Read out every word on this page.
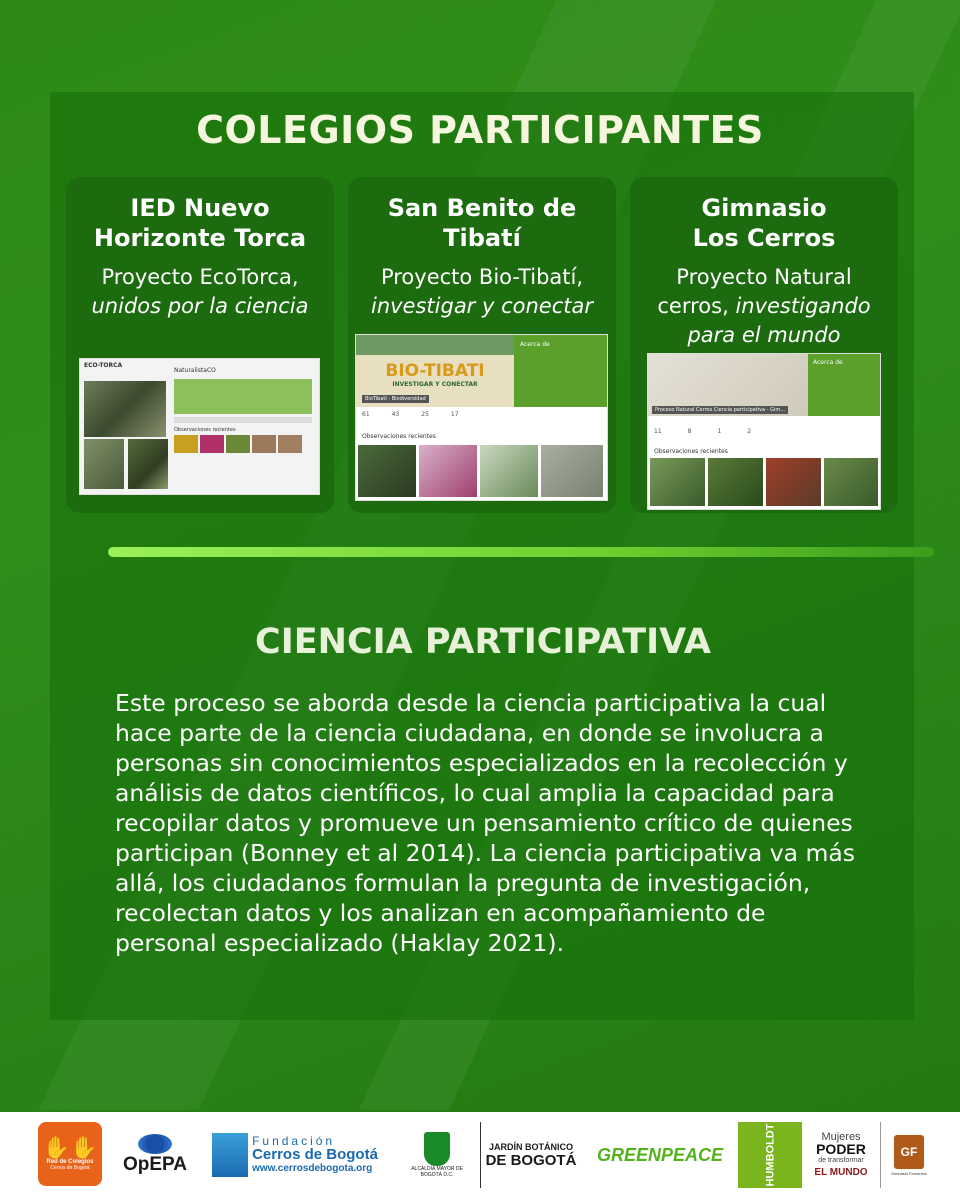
COLEGIOS PARTICIPANTES
IED Nuevo
Horizonte Torca
Proyecto EcoTorca,
unidos por la ciencia
ECO-TORCA
NaturalistaCO
Observaciones recientes
San Benito de
Tibatí
Proyecto Bio-Tibatí,
investigar y conectar
BIO-TIBATI
INVESTIGAR Y CONECTAR
BioTibatí - Biodiversidad
Acerca de
61	43	25	17
Observaciones recientes
Gimnasio
Los Cerros
Proyecto Natural
cerros, investigando
para el mundo
Proceso Natural Cerros Ciencia participativa - Gim...
Acerca de
11	8	1	2
Observaciones recientes
CIENCIA PARTICIPATIVA
Este proceso se aborda desde la ciencia participativa la cual hace parte de la ciencia ciudadana, en donde se involucra a personas sin conocimientos especializados en la recolección y análisis de datos científicos, lo cual amplia la capacidad para recopilar datos y promueve un pensamiento crítico de quienes participan (Bonney et al 2014). La ciencia participativa va más allá, los ciudadanos formulan la pregunta de investigación, recolectan datos y los analizan en acompañamiento de personal especializado (Haklay 2021).
✋✋
Red de Colegios
Cerros de Bogotá OpEPA
Fundación
Cerros de Bogotá
www.cerrosdebogota.org	ALCALDÍA MAYOR DE BOGOTÁ D.C.
JARDÍN BOTÁNICO
DE BOGOTÁ GREENPEACE	HUMBOLDT	Mujeres
PODER
de transformar
EL MUNDO
GF
Gimnasio Femenino
